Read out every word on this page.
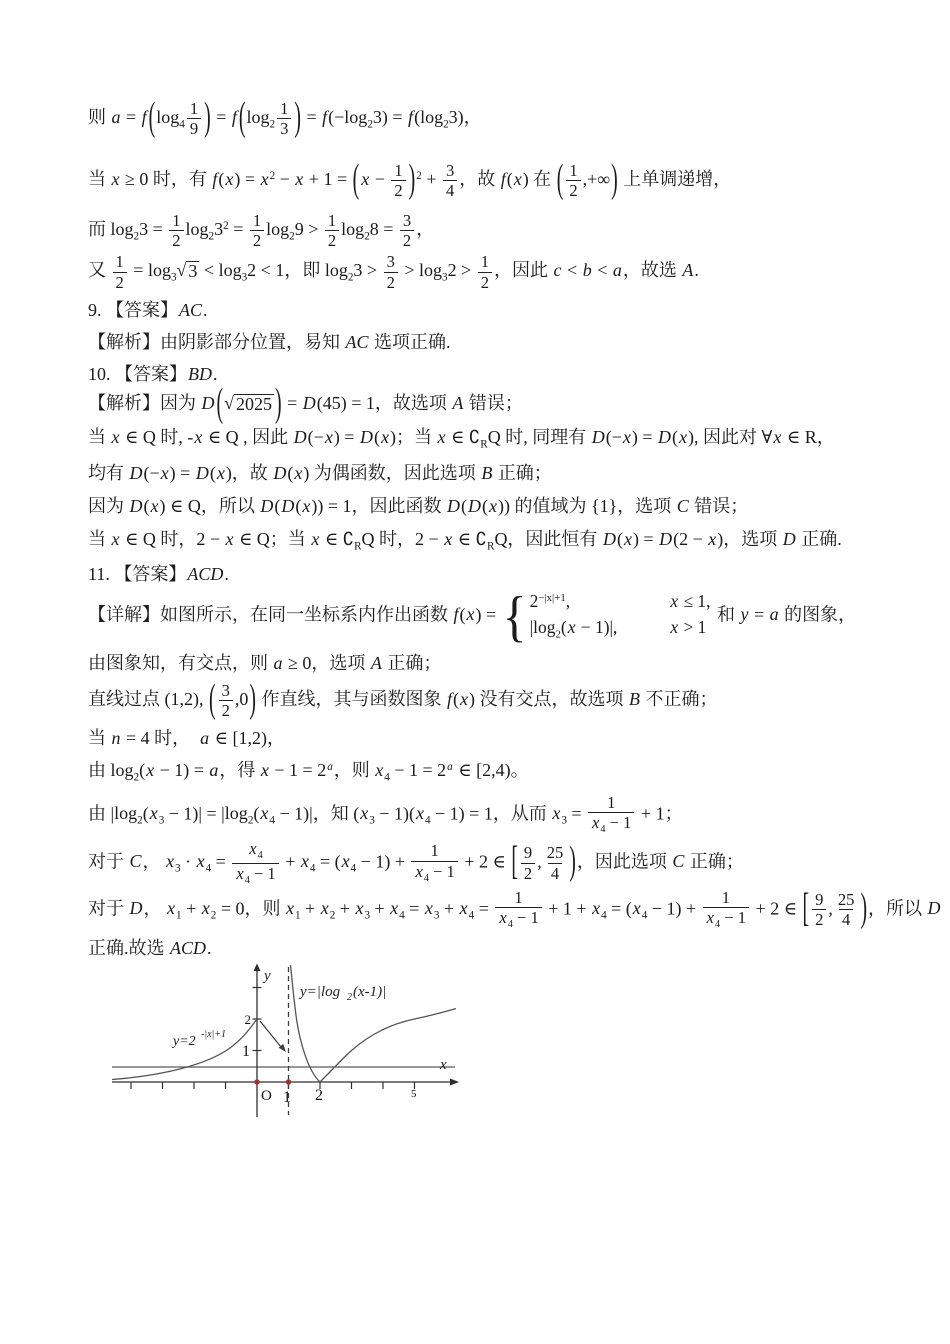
则 a = f ($\log_4 \frac{1}{9}$ ) = f ($\log_2 \frac{1}{3}$ ) = $f(-\log_23) = f(\log_23)$，
当 x ≥ 0 时，有 $f(x) = x^2 - x + 1$ = ( $x - \frac{1}{2} )^2 + \frac{3}{4}$ ，故 f(x) 在 ( $\frac{1}{2}$ ,+∞) 上单调递增，
而 $\log_23 = \frac{1}{2} \log_23^2 = \frac{1}{2} \log_29 > \frac{1}{2} \log_28 = \frac{3}{2}$ ，
又 $\frac{1}{2} = \log_3$ √ $3 < \log_32 < 1$，即 $\log_23 > \frac{3}{2} > \log_32 > \frac{1}{2}$ ，因此 c < b < a，故选 A.
9. 【答案】AC.
【解析】由阴影部分位置，易知 AC 选项正确.
10. 【答案】BD.
【解析】因为 D ( √ 2025 ) = D(45) = 1，故选项 A 错误；
当 x ∈ Q 时, -x ∈ Q , 因此 D(−x) = D(x)；当 x ∈ $∁_RQ$ 时, 同理有 D(−x) = D(x), 因此对 ∀x ∈ R，
均有 D(−x) = D(x)，故 D(x) 为偶函数，因此选项 B 正确；
因为 D(x) ∈ Q，所以 D(D(x)) = 1，因此函数 D(D(x)) 的值域为 {1}，选项 C 错误；
当 x ∈ Q 时，2 − x ∈ Q；当 x ∈ $∁_RQ$ 时，2 − x ∈ $∁_RQ$，因此恒有 D(x) = D(2 − x)，选项 D 正确.
11. 【答案】ACD.
【详解】如图所示，在同一坐标系内作出函数 f(x) = { $2^{-|x|+1}$,	x ≤ 1,
$|\log_2(x - 1)|$,	x > 1
和 y = a 的图象，
由图象知，有交点，则 a ≥ 0，选项 A 正确；
直线过点 (1,2), ( $\frac{3}{2} ,0$) 作直线，其与函数图象 f(x) 没有交点，故选项 B 不正确；
当 n = 4 时，　a ∈ [1,2)，
由 $\log_2(x - 1) = a$，得 $x - 1 = 2^a$，则 $x_4 - 1 = 2^a$ ∈ [2,4)。
由 $|\log_2(x_3 - 1)| = |\log_2(x_4 - 1)|$，知 $(x_3 - 1)(x_4 - 1) = 1$，从而 $x_3 = \frac{1}{x_4 - 1} + 1$；
对于 C， $x_3 \cdot x_4 = \frac{x_4}{x_4 - 1} + x_4 = (x_4 - 1) + \frac{1}{x_4 - 1} + 2$ ∈ [ $\frac{9}{2}$ , $\frac{25}{4}$ )，因此选项 C 正确；
对于 D， $x_1 + x_2 = 0$，则 $x_1 + x_2 + x_3 + x_4 = x_3 + x_4 = \frac{1}{x_4 - 1} + 1 + x_4 = (x_4 - 1) + \frac{1}{x_4 - 1} + 2$ ∈ [ $\frac{9}{2}$ , $\frac{25}{4}$ )，所以 D
正确.故选 ACD.
y
x
O 1 2	5
1
2
y=2 -|x|+1
y=|log 2 (x-1)|
